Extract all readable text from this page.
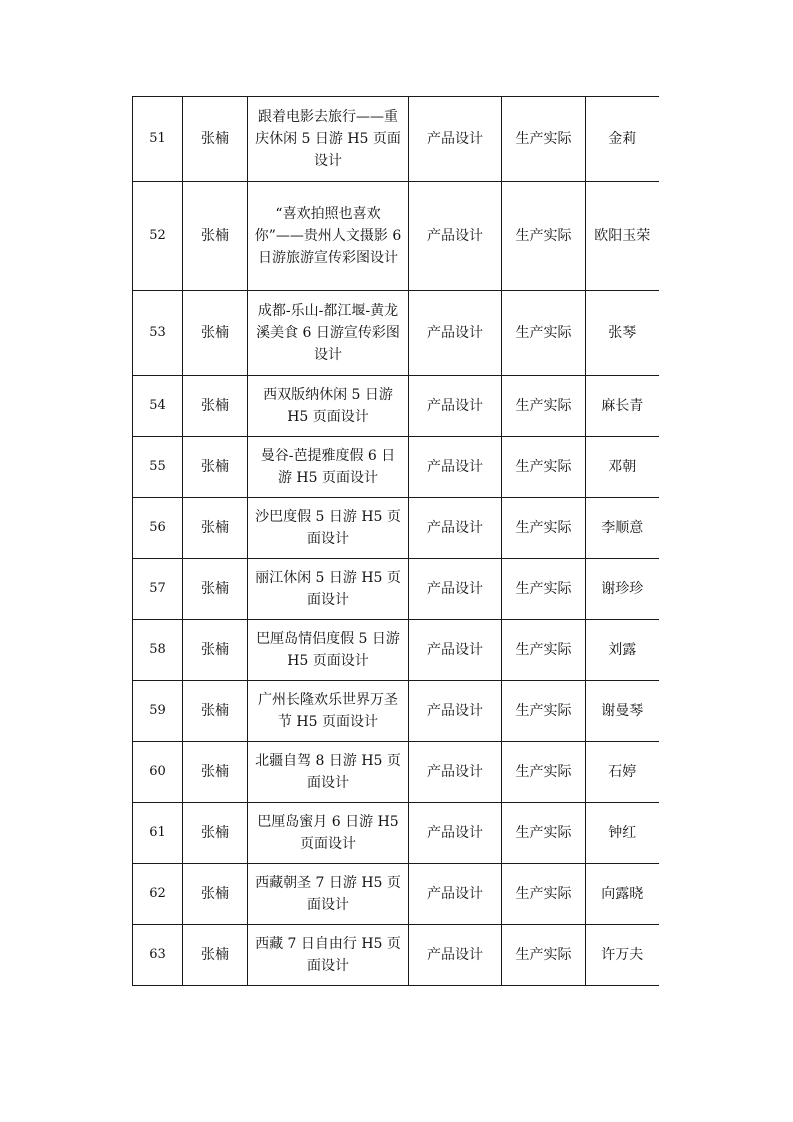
51	张楠	跟着电影去旅行——重庆休闲 5 日游 H5 页面设计	产品设计	生产实际	金莉
52	张楠	“喜欢拍照也喜欢你”——贵州人文摄影 6 日游旅游宣传彩图设计	产品设计	生产实际	欧阳玉荣
53	张楠	成都-乐山-都江堰-黄龙溪美食 6 日游宣传彩图设计	产品设计	生产实际	张琴
54	张楠	西双版纳休闲 5 日游 H5 页面设计	产品设计	生产实际	麻长青
55	张楠	曼谷-芭提雅度假 6 日游 H5 页面设计	产品设计	生产实际	邓朝
56	张楠	沙巴度假 5 日游 H5 页面设计	产品设计	生产实际	李顺意
57	张楠	丽江休闲 5 日游 H5 页面设计	产品设计	生产实际	谢珍珍
58	张楠	巴厘岛情侣度假 5 日游 H5 页面设计	产品设计	生产实际	刘露
59	张楠	广州长隆欢乐世界万圣节 H5 页面设计	产品设计	生产实际	谢曼琴
60	张楠	北疆自驾 8 日游 H5 页面设计	产品设计	生产实际	石婷
61	张楠	巴厘岛蜜月 6 日游 H5 页面设计	产品设计	生产实际	钟红
62	张楠	西藏朝圣 7 日游 H5 页面设计	产品设计	生产实际	向露晓
63	张楠	西藏 7 日自由行 H5 页面设计	产品设计	生产实际	许万夫
